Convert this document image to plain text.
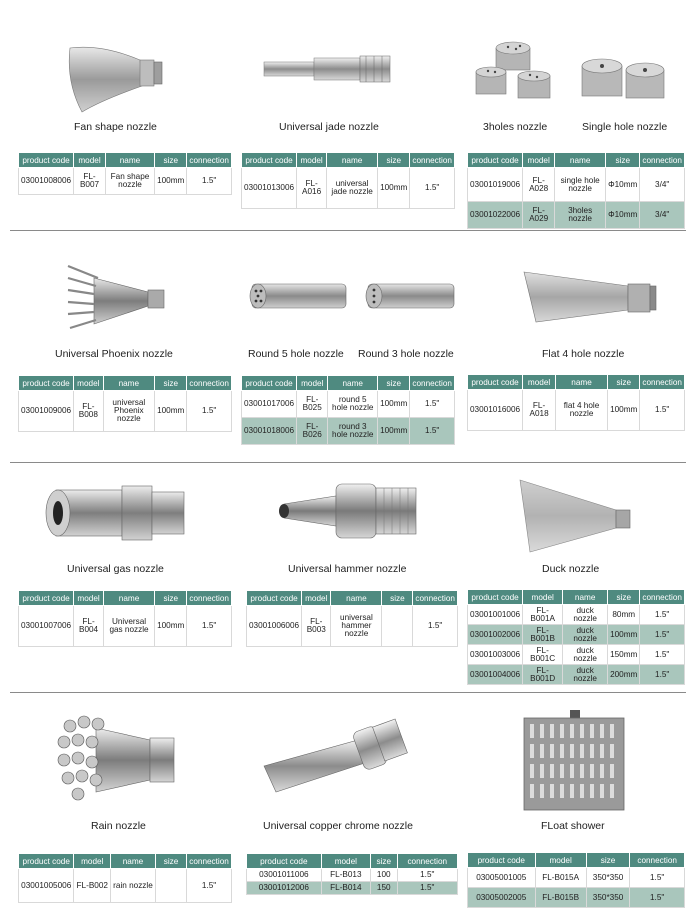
Fan shape nozzle	Universal jade nozzle	3holes nozzle	Single hole nozzle
product code	model	name	size	connection
03001008006	FL-B007	Fan shape nozzle	100mm	1.5"
product code	model	name	size	connection
03001013006	FL-A016	universal jade nozzle	100mm	1.5"
product code	model	name	size	connection
03001019006	FL-A028	single hole nozzle	Φ10mm	3/4"
03001022006	FL-A029	3holes nozzle	Φ10mm	3/4"
Universal Phoenix nozzle	Round 5 hole nozzle Round 3 hole nozzle	Flat 4 hole nozzle
product code	model	name	size	connection
03001009006	FL-B008	universal Phoenix nozzle	100mm	1.5"
product code	model	name	size	connection
03001017006	FL-B025	round 5 hole nozzle	100mm	1.5"
03001018006	FL-B026	round 3 hole nozzle	100mm	1.5"
product code	model	name	size	connection
03001016006	FL-A018	flat 4 hole nozzle	100mm	1.5"
Universal gas nozzle	Universal hammer nozzle	Duck nozzle
product code	model	name	size	connection
03001007006	FL-B004	Universal gas nozzle	100mm	1.5"
product code	model	name	size	connection
03001006006	FL-B003	universal hammer nozzle		1.5"
product code	model	name	size	connection
03001001006	FL-B001A	duck nozzle	80mm	1.5"
03001002006	FL-B001B	duck nozzle	100mm	1.5"
03001003006	FL-B001C	duck nozzle	150mm	1.5"
03001004006	FL-B001D	duck nozzle	200mm	1.5"
Rain nozzle	Universal copper chrome nozzle	FLoat shower
product code	model	name	size	connection
03001005006	FL-B002	rain nozzle		1.5"
product code	model	size	connection
03001011006	FL-B013	100	1.5"
03001012006	FL-B014	150	1.5"
product code	model	size	connection
03005001005	FL-B015A	350*350	1.5"
03005002005	FL-B015B	350*350	1.5"
